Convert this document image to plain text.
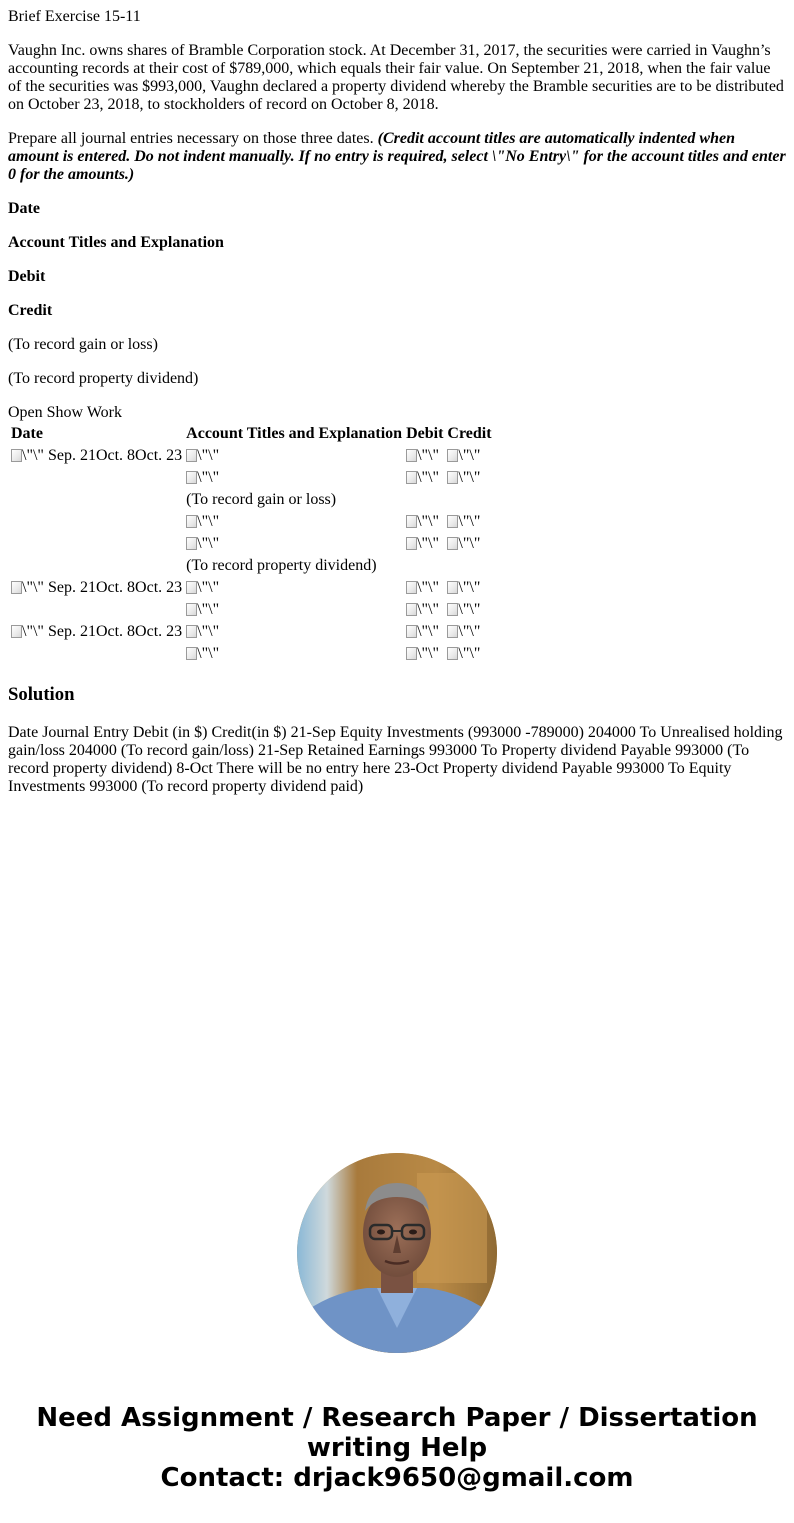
Brief Exercise 15-11

Vaughn Inc. owns shares of Bramble Corporation stock. At December 31, 2017, the securities were carried in Vaughn’s accounting records at their cost of $789,000, which equals their fair value. On September 21, 2018, when the fair value of the securities was $993,000, Vaughn declared a property dividend whereby the Bramble securities are to be distributed on October 23, 2018, to stockholders of record on October 8, 2018.

Prepare all journal entries necessary on those three dates. (Credit account titles are automatically indented when amount is entered. Do not indent manually. If no entry is required, select \"No Entry\" for the account titles and enter 0 for the amounts.)

Date

Account Titles and Explanation

Debit

Credit

(To record gain or loss)

(To record property dividend)

Open Show Work

Date	Account Titles and Explanation	Debit	Credit
\"\" Sep. 21Oct. 8Oct. 23	\"\"	\"\"	\"\"
	\"\"	\"\"	\"\"
	(To record gain or loss)		
	\"\"	\"\"	\"\"
	\"\"	\"\"	\"\"
	(To record property dividend)		
\"\" Sep. 21Oct. 8Oct. 23	\"\"	\"\"	\"\"
	\"\"	\"\"	\"\"
\"\" Sep. 21Oct. 8Oct. 23	\"\"	\"\"	\"\"
	\"\"	\"\"	\"\"
Solution

Date Journal Entry Debit (in $) Credit(in $) 21-Sep Equity Investments (993000 -789000) 204000 To Unrealised holding gain/loss 204000 (To record gain/loss) 21-Sep Retained Earnings 993000 To Property dividend Payable 993000 (To record property dividend) 8-Oct There will be no entry here 23-Oct Property dividend Payable 993000 To Equity Investments 993000 (To record property dividend paid)

Need Assignment / Research Paper / Dissertation
writing Help
Contact: drjack9650@gmail.com
